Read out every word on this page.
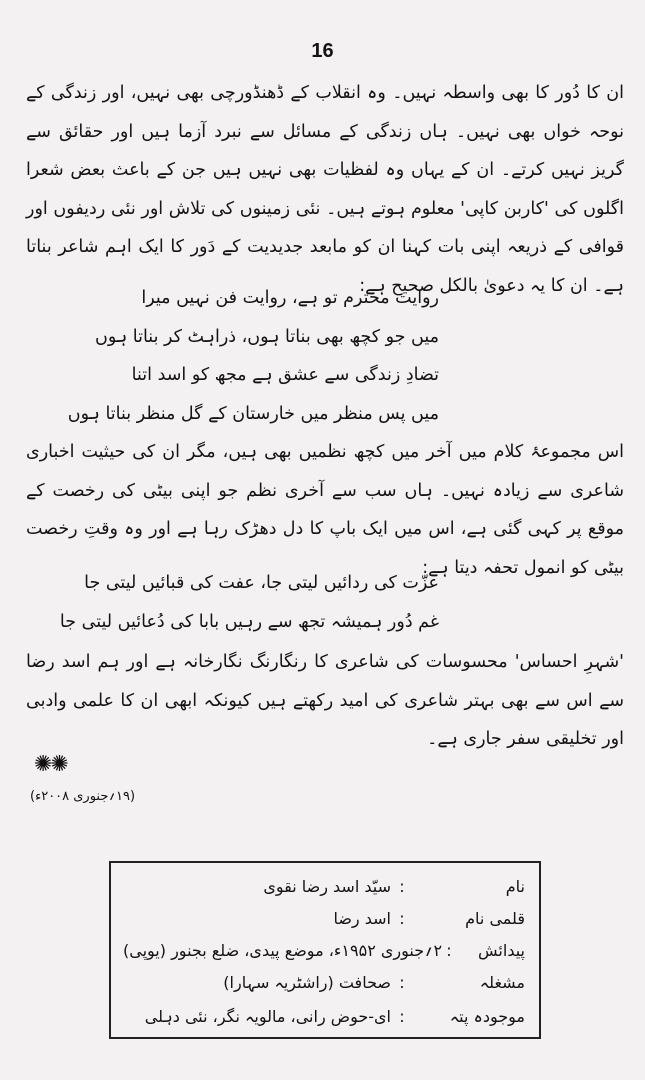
16

ان کا دُور کا بھی واسطہ نہیں۔ وہ انقلاب کے ڈھنڈورچی بھی نہیں، اور زندگی کے نوحہ خواں بھی نہیں۔ ہاں زندگی کے مسائل سے نبرد آزما ہیں اور حقائق سے گریز نہیں کرتے۔ ان کے یہاں وہ لفظیات بھی نہیں ہیں جن کے باعث بعض شعرا اگلوں کی 'کاربن کاپی' معلوم ہوتے ہیں۔ نئی زمینوں کی تلاش اور نئی ردیفوں اور قوافی کے ذریعہ اپنی بات کہنا ان کو مابعد جدیدیت کے دَور کا ایک اہم شاعر بناتا ہے۔ ان کا یہ دعویٰ بالکل صحیح ہے:

روایت محترم تو ہے، روایت فن نہیں میرا
میں جو کچھ بھی بناتا ہوں، ذراہٹ کر بناتا ہوں
تضادِ زندگی سے عشق ہے مجھ کو اسد اتنا
میں پس منظر میں خارستان کے گل منظر بناتا ہوں

اس مجموعۂ کلام میں آخر میں کچھ نظمیں بھی ہیں، مگر ان کی حیثیت اخباری شاعری سے زیادہ نہیں۔ ہاں سب سے آخری نظم جو اپنی بیٹی کی رخصت کے موقع پر کہی گئی ہے، اس میں ایک باپ کا دل دھڑک رہا ہے اور وہ وقتِ رخصت بیٹی کو انمول تحفہ دیتا ہے:

عزّت کی ردائیں لیتی جا، عفت کی قبائیں لیتی جا
غم دُور ہمیشہ تجھ سے رہیں بابا کی دُعائیں لیتی جا

'شہرِ احساس' محسوسات کی شاعری کا رنگارنگ نگارخانہ ہے اور ہم اسد رضا سے اس سے بھی بہتر شاعری کی امید رکھتے ہیں کیونکہ ابھی ان کا علمی وادبی اور تخلیقی سفر جاری ہے۔

✺✺
(۱۹؍جنوری ۲۰۰۸ء)
نام
:
سیّد اسد رضا نقوی
قلمی نام
:
اسد رضا
پیدائش
:
۲؍جنوری ۱۹۵۲ء، موضع پیدی، ضلع بجنور (یوپی)
مشغلہ
:
صحافت (راشٹریہ سہارا)
موجودہ پتہ
:
ای-حوض رانی، مالویہ نگر، نئی دہلی
